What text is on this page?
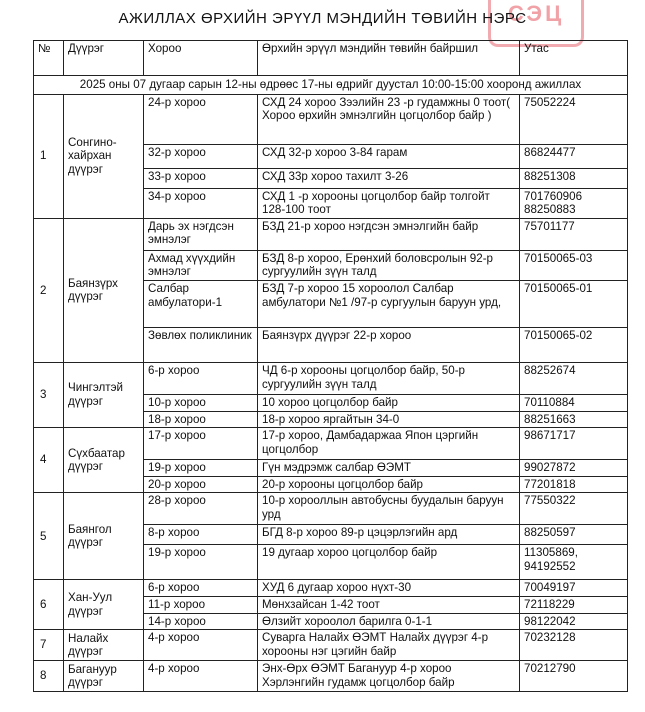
СЭЦ
АЖИЛЛАХ ӨРХИЙН ЭРҮҮЛ МЭНДИЙН ТӨВИЙН НЭРС
№	Дүүрэг	Хороо	Өрхийн эрүүл мэндийн төвийн байршил	Утас
2025 оны 07 дугаар сарын 12-ны өдрөөс 17-ны өдрийг дуустал 10:00-15:00 хооронд ажиллах				
1	Сонгино-хайрхан дүүрэг	24-р хороо	СХД 24 хороо Зээлийн 23 -р гудамжны 0 тоот( Хороо өрхийн эмнэлгийн цогцолбор байр )	75052224
		32-р хороо	СХД 32-р хороо 3-84 гарам	86824477
		33-р хороо	СХД 33р хороо тахилт 3-26	88251308
		34-р хороо	СХД 1 -р хорооны цогцолбор байр толгойт 128-100 тоот	701760906 88250883
2	Баянзүрх дүүрэг	Дарь эх нэгдсэн эмнэлэг	БЗД 21-р хороо нэгдсэн эмнэлгийн байр	75701177
		Ахмад хүүхдийн эмнэлэг	БЗД 8-р хороо, Ерөнхий боловсролын 92-р сургуулийн зүүн талд	70150065-03
		Салбар амбулатори-1	БЗД 7-р хороо 15 хороолол Салбар амбулатори №1 /97-р сургуулын баруун урд,	70150065-01
		Зөвлөх поликлиник	Баянзүрх дүүрэг 22-р хороо	70150065-02
3	Чингэлтэй дүүрэг	6-р хороо	ЧД 6-р хорооны цогцолбор байр, 50-р сургуулийн зүүн талд	88252674
		10-р хороо	10 хороо цогцолбор байр	70110884
		18-р хороо	18-р хороо яргайтын 34-0	88251663
4	Сүхбаатар дүүрэг	17-р хороо	17-р хороо, Дамбадаржаа Япон цэргийн цогцолбор	98671717
		19-р хороо	Гүн мэдрэмж салбар ӨЭМТ	99027872
		20-р хороо	20-р хорооны цогцолбор байр	77201818
5	Баянгол дүүрэг	28-р хороо	10-р хорооллын автобусны буудалын баруун урд	77550322
		8-р хороо	БГД 8-р хороо 89-р цэцэрлэгийн ард	88250597
		19-р хороо	19 дугаар хороо цогцолбор байр	11305869, 94192552
6	Хан-Уул дүүрэг	6-р хороо	ХУД 6 дугаар хороо нүхт-30	70049197
		11-р хороо	Мөнхзайсан 1-42 тоот	72118229
		14-р хороо	Өлзийт хороолол барилга 0-1-1	98122042
7	Налайх дүүрэг	4-р хороо	Суварга Налайх ӨЭМТ Налайх дүүрэг 4-р хорооны нэг цэгийн байр	70232128
8	Багануур дүүрэг	4-р хороо	Энх-Өрх ӨЭМТ Багануур 4-р хороо Хэрлэнгийн гудамж цогцолбор байр	70212790
